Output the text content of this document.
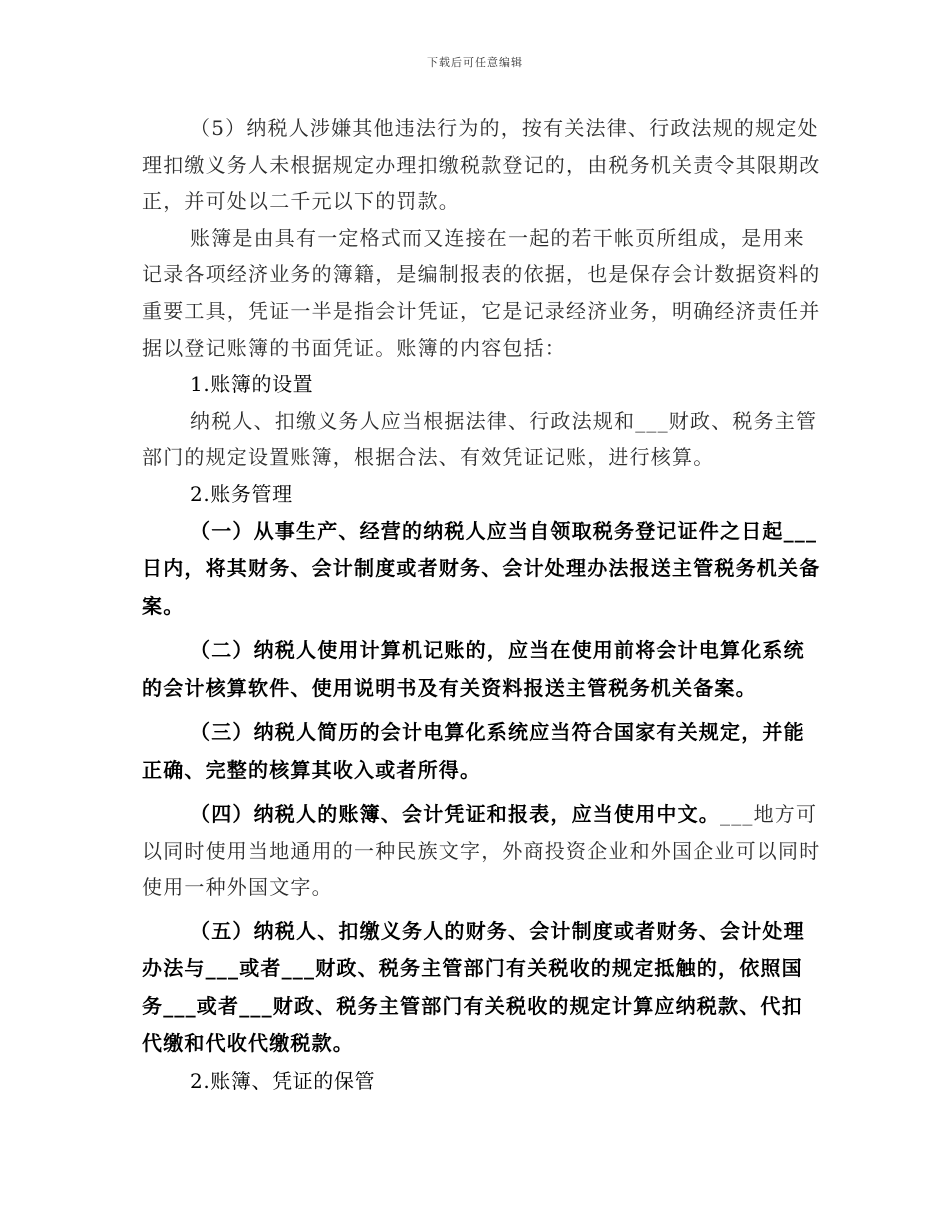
下载后可任意编辑

（5）纳税人涉嫌其他违法行为的，按有关法律、行政法规的规定处理扣缴义务人未根据规定办理扣缴税款登记的，由税务机关责令其限期改正，并可处以二千元以下的罚款。

账簿是由具有一定格式而又连接在一起的若干帐页所组成，是用来记录各项经济业务的簿籍，是编制报表的依据，也是保存会计数据资料的重要工具，凭证一半是指会计凭证，它是记录经济业务，明确经济责任并据以登记账簿的书面凭证。账簿的内容包括：

1.账簿的设置

纳税人、扣缴义务人应当根据法律、行政法规和___财政、税务主管部门的规定设置账簿，根据合法、有效凭证记账，进行核算。

2.账务管理

（一）从事生产、经营的纳税人应当自领取税务登记证件之日起___日内，将其财务、会计制度或者财务、会计处理办法报送主管税务机关备案。

（二）纳税人使用计算机记账的，应当在使用前将会计电算化系统的会计核算软件、使用说明书及有关资料报送主管税务机关备案。

（三）纳税人简历的会计电算化系统应当符合国家有关规定，并能正确、完整的核算其收入或者所得。

（四）纳税人的账簿、会计凭证和报表，应当使用中文。___地方可以同时使用当地通用的一种民族文字，外商投资企业和外国企业可以同时使用一种外国文字。

（五）纳税人、扣缴义务人的财务、会计制度或者财务、会计处理办法与___或者___财政、税务主管部门有关税收的规定抵触的，依照国务___或者___财政、税务主管部门有关税收的规定计算应纳税款、代扣代缴和代收代缴税款。

2.账簿、凭证的保管
